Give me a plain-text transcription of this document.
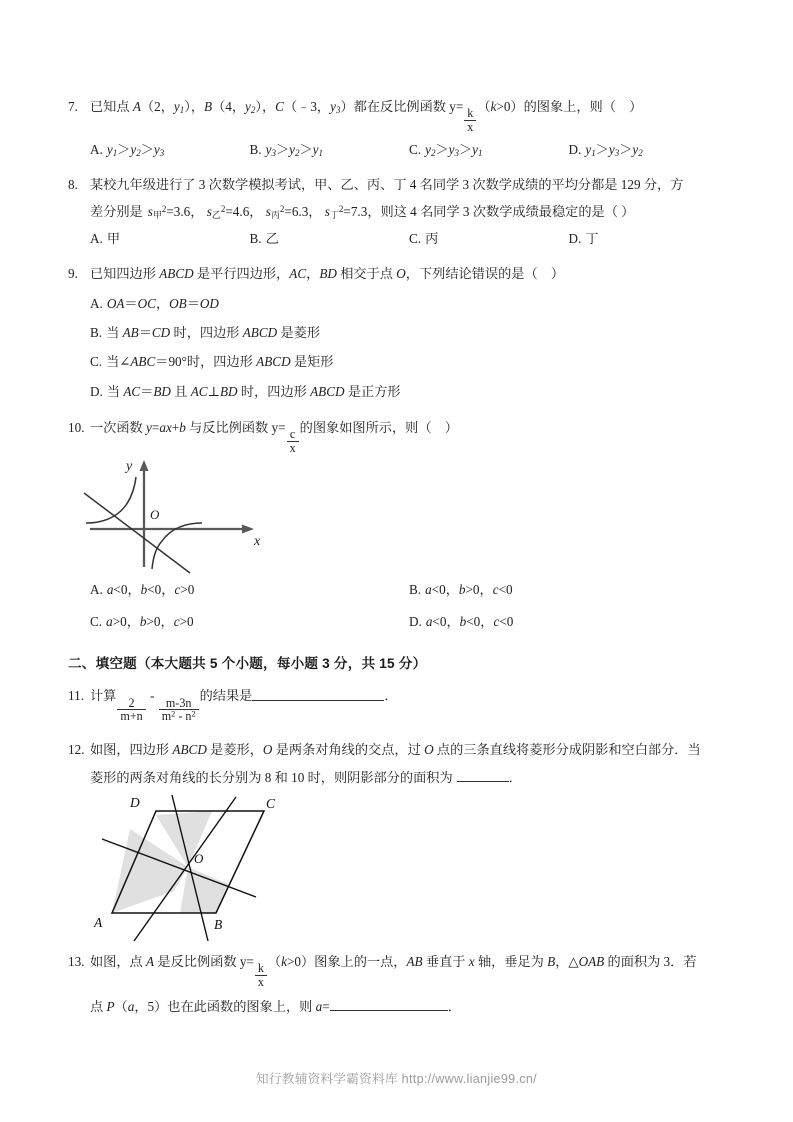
7. 已知点 A（2，$y_1$），B（4，$y_2$），C（﹣3，$y_3$）都在反比例函数 y=
$\frac{k}{x}$
（k>0）的图象上，则（    ）
A. $y_1>y_2>y_3$	B. $y_3>y_2>y_1$	C. $y_2>y_3>y_1$	D. $y_1>y_3>y_2$
8. 某校九年级进行了 3 次数学模拟考试，甲、乙、丙、丁 4 名同学 3 次数学成绩的平均分都是 129 分，方
差分别是 $s_甲^2=3.6$， $s_乙^2=4.6$， $s_丙^2=6.3$， $s_丁^2=7.3$ ，则这 4 名同学 3 次数学成绩最稳定的是（ ）
A. 甲	B. 乙	C. 丙	D. 丁
9. 已知四边形 ABCD 是平行四边形，AC，BD 相交于点 O，下列结论错误的是（    ）
A. OA＝OC，OB＝OD
B. 当 AB＝CD 时，四边形 ABCD 是菱形
C. 当∠ABC＝90°时，四边形 ABCD 是矩形
D. 当 AC＝BD 且 AC⊥BD 时，四边形 ABCD 是正方形
10. 一次函数 y=ax+b 与反比例函数 y=
$\frac{c}{x}$
的图象如图所示，则（    ）
y
x
O
A. a<0，b<0，c>0	B. a<0，b>0，c<0
C. a>0，b>0，c>0	D. a<0，b<0，c<0
二、填空题（本大题共 5 个小题，每小题 3 分，共 15 分）
11. 计算
$\frac{2}{m+n}$
-
$\frac{m-3n}{m^2 - n^2}$
的结果是	．
12. 如图，四边形 ABCD 是菱形，O 是两条对角线的交点，过 O 点的三条直线将菱形分成阴影和空白部分．当
菱形的两条对角线的长分别为 8 和 10 时，则阴影部分的面积为	．
D	C
A	B
O
13. 如图，点 A 是反比例函数 y=
$\frac{k}{x}$
（k>0）图象上的一点，AB 垂直于 x 轴，垂足为 B，△OAB 的面积为 3．若
点 P（a，5）也在此函数的图象上，则 a=	．
知行教辅资料学霸资料库 http://www.lianjie99.cn/
